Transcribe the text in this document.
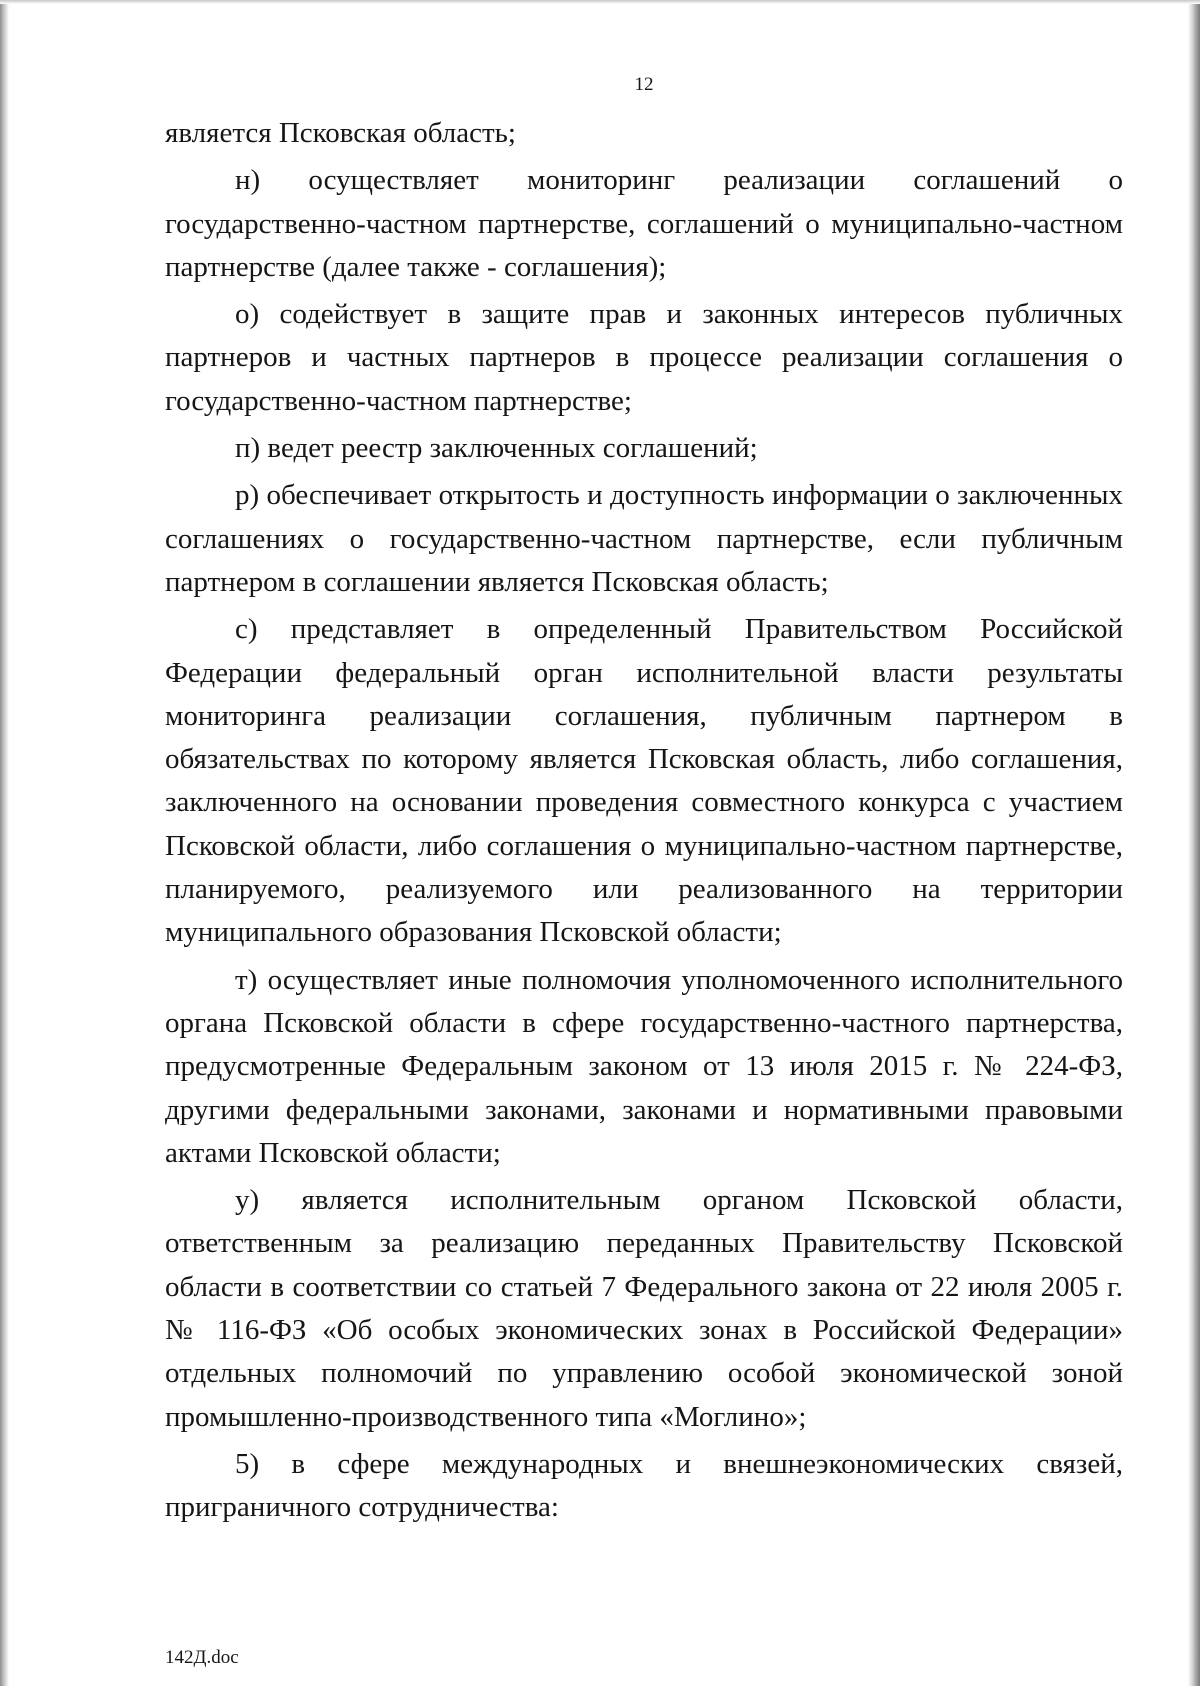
12

является Псковская область;

н) осуществляет мониторинг реализации соглашений о государственно-частном партнерстве, соглашений о муниципально-частном партнерстве (далее также - соглашения);

о) содействует в защите прав и законных интересов публичных партнеров и частных партнеров в процессе реализации соглашения о государственно-частном партнерстве;

п) ведет реестр заключенных соглашений;

р) обеспечивает открытость и доступность информации о заключенных соглашениях о государственно-частном партнерстве, если публичным партнером в соглашении является Псковская область;

с) представляет в определенный Правительством Российской Федерации федеральный орган исполнительной власти результаты мониторинга реализации соглашения, публичным партнером в обязательствах по которому является Псковская область, либо соглашения, заключенного на основании проведения совместного конкурса с участием Псковской области, либо соглашения о муниципально-частном партнерстве, планируемого, реализуемого или реализованного на территории муниципального образования Псковской области;

т) осуществляет иные полномочия уполномоченного исполнительного органа Псковской области в сфере государственно-частного партнерства, предусмотренные Федеральным законом от 13 июля 2015 г. № 224-ФЗ, другими федеральными законами, законами и нормативными правовыми актами Псковской области;

у) является исполнительным органом Псковской области, ответственным за реализацию переданных Правительству Псковской области в соответствии со статьей 7 Федерального закона от 22 июля 2005 г. № 116-ФЗ «Об особых экономических зонах в Российской Федерации» отдельных полномочий по управлению особой экономической зоной промышленно-производственного типа «Моглино»;

5) в сфере международных и внешнеэкономических связей, приграничного сотрудничества:

142Д.doc
